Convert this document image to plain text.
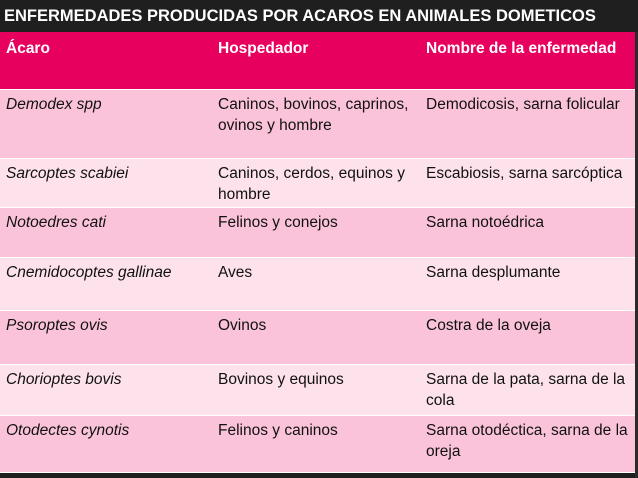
ENFERMEDADES PRODUCIDAS POR ACAROS EN ANIMALES DOMETICOS
Ácaro	Hospedador	Nombre de la enfermedad
Demodex spp	Caninos, bovinos, caprinos, ovinos y hombre	Demodicosis, sarna folicular
Sarcoptes scabiei	Caninos, cerdos, equinos y hombre	Escabiosis, sarna sarcóptica
Notoedres cati	Felinos y conejos	Sarna notoédrica
Cnemidocoptes gallinae	Aves	Sarna desplumante
Psoroptes ovis	Ovinos	Costra de la oveja
Chorioptes bovis	Bovinos y equinos	Sarna de la pata, sarna de la cola
Otodectes cynotis	Felinos y caninos	Sarna otodéctica, sarna de la oreja
